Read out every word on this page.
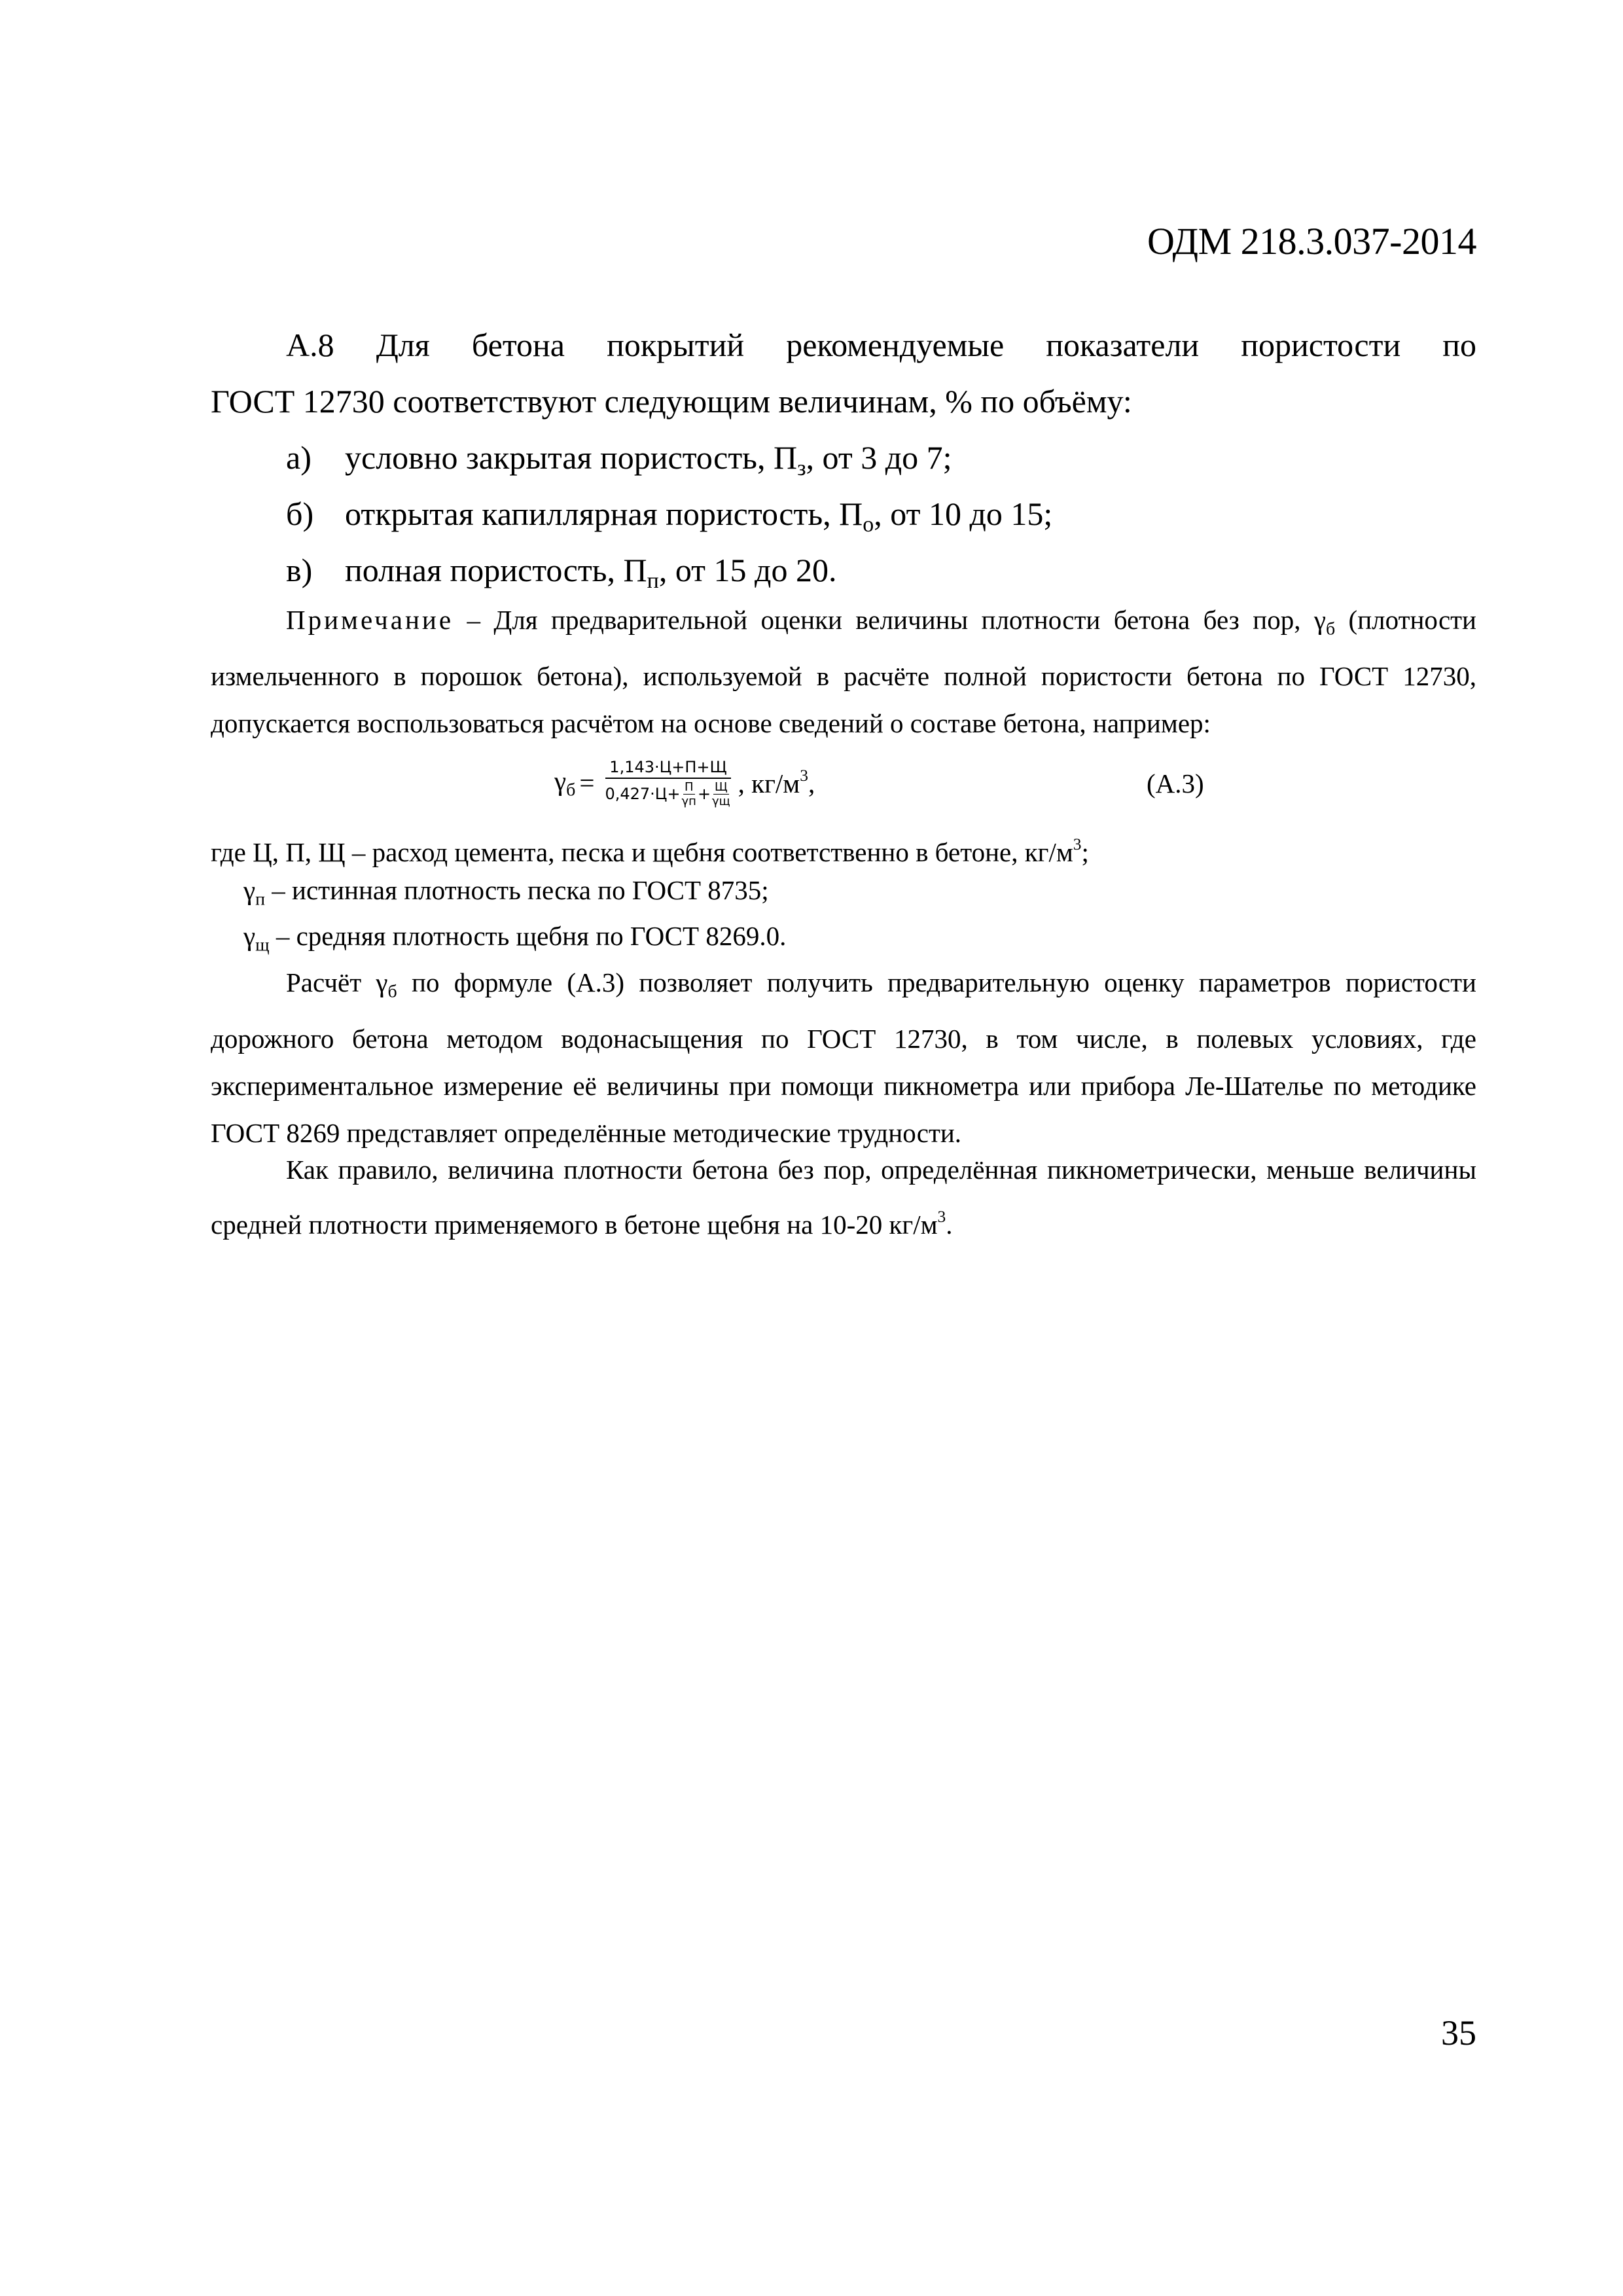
ОДМ 218.3.037-2014

А.8 Для бетона покрытий рекомендуемые показатели пористости по

ГОСТ 12730 соответствуют следующим величинам, % по объёму:

а) условно закрытая пористость, $П_з$, от 3 до 7;
б) открытая капиллярная пористость, $П_о$, от 10 до 15;
в) полная пористость, $П_п$, от 15 до 20.

Примечание – Для предварительной оценки величины плотности бетона без пор, $\gamma_б$ (плотности

измельченного в порошок бетона), используемой в расчёте полной пористости бетона по ГОСТ 12730,

допускается воспользоваться расчётом на основе сведений о составе бетона, например:

$\gamma_б = \frac{1,143\cdot Ц+П+Щ}{0,427\cdot Ц+ \frac{П}{\gamma п} + \frac{Щ}{\gamma щ}}$ , $кг/м^3$,	(А.3)
где Ц, П, Щ – расход цемента, песка и щебня соответственно в бетоне, $кг/м^3$;
$\gamma_п$ – истинная плотность песка по ГОСТ 8735;
$\gamma_щ$ – средняя плотность щебня по ГОСТ 8269.0.

Расчёт $\gamma_б$ по формуле (А.3) позволяет получить предварительную оценку параметров пористости

дорожного бетона методом водонасыщения по ГОСТ 12730, в том числе, в полевых условиях, где

экспериментальное измерение её величины при помощи пикнометра или прибора Ле-Шателье по методике

ГОСТ 8269 представляет определённые методические трудности.

Как правило, величина плотности бетона без пор, определённая пикнометрически, меньше величины

средней плотности применяемого в бетоне щебня на 10-20 $кг/м^3$.

35
